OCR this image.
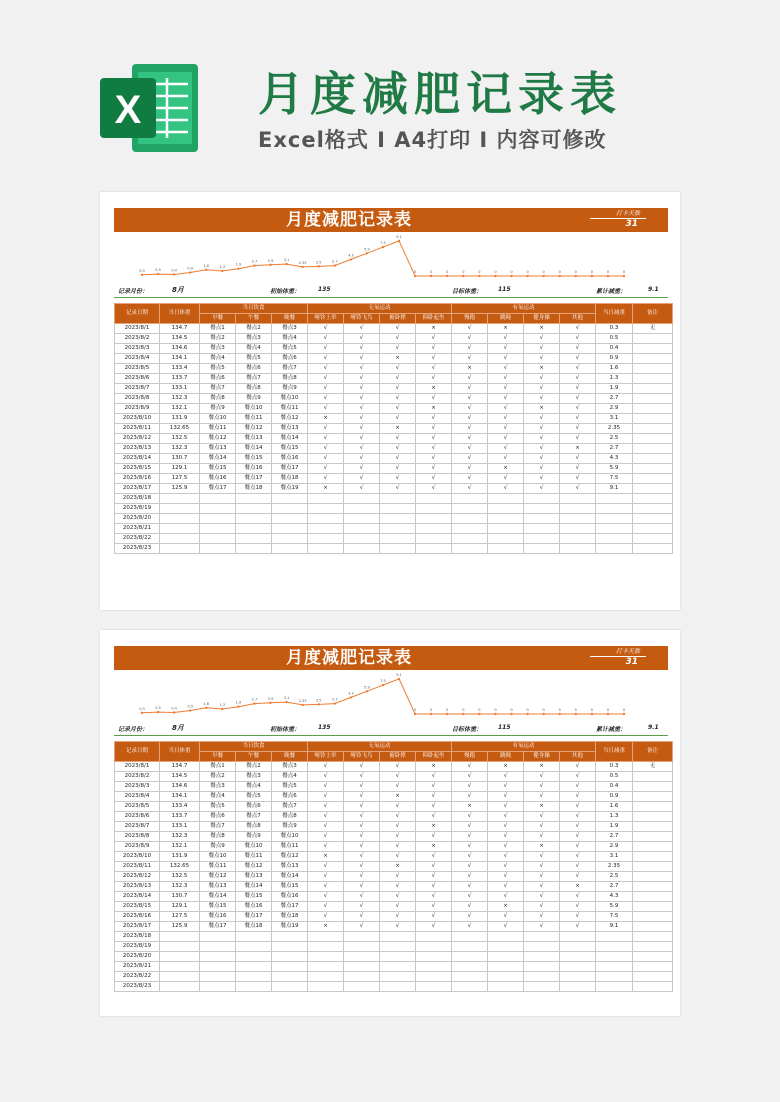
X	月度减肥记录表
Excel格式 I A4打印 I 内容可修改
月度减肥记录表	打卡天数
31
0.3	0.5	0.4	0.9
1.6	1.3
1.9
2.7	2.9	3.1
2.35	2.5	2.7
4.3
5.9
7.5
9.1
0	0	0	0	0	0	0	0	0	0	0	0	0	0
记录月份：	8月	初始体重：	135	目标体重：	115	累计减重：	9.1
记录日期	当日体重	当日饮食			无氧运动				有氧运动				当日减重	备注
		早餐	午餐	晚餐	哑铃上举	哑铃飞鸟	俯卧撑	仰卧起坐	慢跑	跳绳	健身操	其他		
2023/8/1	134.7	餐点1	餐点2	餐点3	√	√	√	×	√	×	×	√	0.3	无
2023/8/2	134.5	餐点2	餐点3	餐点4	√	√	√	√	√	√	√	√	0.5	
2023/8/3	134.6	餐点3	餐点4	餐点5	√	√	√	√	√	√	√	√	0.4	
2023/8/4	134.1	餐点4	餐点5	餐点6	√	√	×	√	√	√	√	√	0.9	
2023/8/5	133.4	餐点5	餐点6	餐点7	√	√	√	√	×	√	×	√	1.6	
2023/8/6	133.7	餐点6	餐点7	餐点8	√	√	√	√	√	√	√	√	1.3	
2023/8/7	133.1	餐点7	餐点8	餐点9	√	√	√	×	√	√	√	√	1.9	
2023/8/8	132.3	餐点8	餐点9	餐点10	√	√	√	√	√	√	√	√	2.7	
2023/8/9	132.1	餐点9	餐点10	餐点11	√	√	√	×	√	√	×	√	2.9	
2023/8/10	131.9	餐点10	餐点11	餐点12	×	√	√	√	√	√	√	√	3.1	
2023/8/11	132.65	餐点11	餐点12	餐点13	√	√	×	√	√	√	√	√	2.35	
2023/8/12	132.5	餐点12	餐点13	餐点14	√	√	√	√	√	√	√	√	2.5	
2023/8/13	132.3	餐点13	餐点14	餐点15	√	√	√	√	√	√	√	×	2.7	
2023/8/14	130.7	餐点14	餐点15	餐点16	√	√	√	√	√	√	√	√	4.3	
2023/8/15	129.1	餐点15	餐点16	餐点17	√	√	√	√	√	×	√	√	5.9	
2023/8/16	127.5	餐点16	餐点17	餐点18	√	√	√	√	√	√	√	√	7.5	
2023/8/17	125.9	餐点17	餐点18	餐点19	×	√	√	√	√	√	√	√	9.1	
2023/8/18														
2023/8/19														
2023/8/20														
2023/8/21														
2023/8/22														
2023/8/23														
月度减肥记录表	打卡天数
31
0.3	0.5	0.4	0.9
1.6	1.3
1.9
2.7	2.9	3.1
2.35	2.5	2.7
4.3
5.9
7.5
9.1
0	0	0	0	0	0	0	0	0	0	0	0	0	0
记录月份：	8月	初始体重：	135	目标体重：	115	累计减重：	9.1
记录日期	当日体重	当日饮食			无氧运动				有氧运动				当日减重	备注
		早餐	午餐	晚餐	哑铃上举	哑铃飞鸟	俯卧撑	仰卧起坐	慢跑	跳绳	健身操	其他		
2023/8/1	134.7	餐点1	餐点2	餐点3	√	√	√	×	√	×	×	√	0.3	无
2023/8/2	134.5	餐点2	餐点3	餐点4	√	√	√	√	√	√	√	√	0.5	
2023/8/3	134.6	餐点3	餐点4	餐点5	√	√	√	√	√	√	√	√	0.4	
2023/8/4	134.1	餐点4	餐点5	餐点6	√	√	×	√	√	√	√	√	0.9	
2023/8/5	133.4	餐点5	餐点6	餐点7	√	√	√	√	×	√	×	√	1.6	
2023/8/6	133.7	餐点6	餐点7	餐点8	√	√	√	√	√	√	√	√	1.3	
2023/8/7	133.1	餐点7	餐点8	餐点9	√	√	√	×	√	√	√	√	1.9	
2023/8/8	132.3	餐点8	餐点9	餐点10	√	√	√	√	√	√	√	√	2.7	
2023/8/9	132.1	餐点9	餐点10	餐点11	√	√	√	×	√	√	×	√	2.9	
2023/8/10	131.9	餐点10	餐点11	餐点12	×	√	√	√	√	√	√	√	3.1	
2023/8/11	132.65	餐点11	餐点12	餐点13	√	√	×	√	√	√	√	√	2.35	
2023/8/12	132.5	餐点12	餐点13	餐点14	√	√	√	√	√	√	√	√	2.5	
2023/8/13	132.3	餐点13	餐点14	餐点15	√	√	√	√	√	√	√	×	2.7	
2023/8/14	130.7	餐点14	餐点15	餐点16	√	√	√	√	√	√	√	√	4.3	
2023/8/15	129.1	餐点15	餐点16	餐点17	√	√	√	√	√	×	√	√	5.9	
2023/8/16	127.5	餐点16	餐点17	餐点18	√	√	√	√	√	√	√	√	7.5	
2023/8/17	125.9	餐点17	餐点18	餐点19	×	√	√	√	√	√	√	√	9.1	
2023/8/18														
2023/8/19														
2023/8/20														
2023/8/21														
2023/8/22														
2023/8/23														
